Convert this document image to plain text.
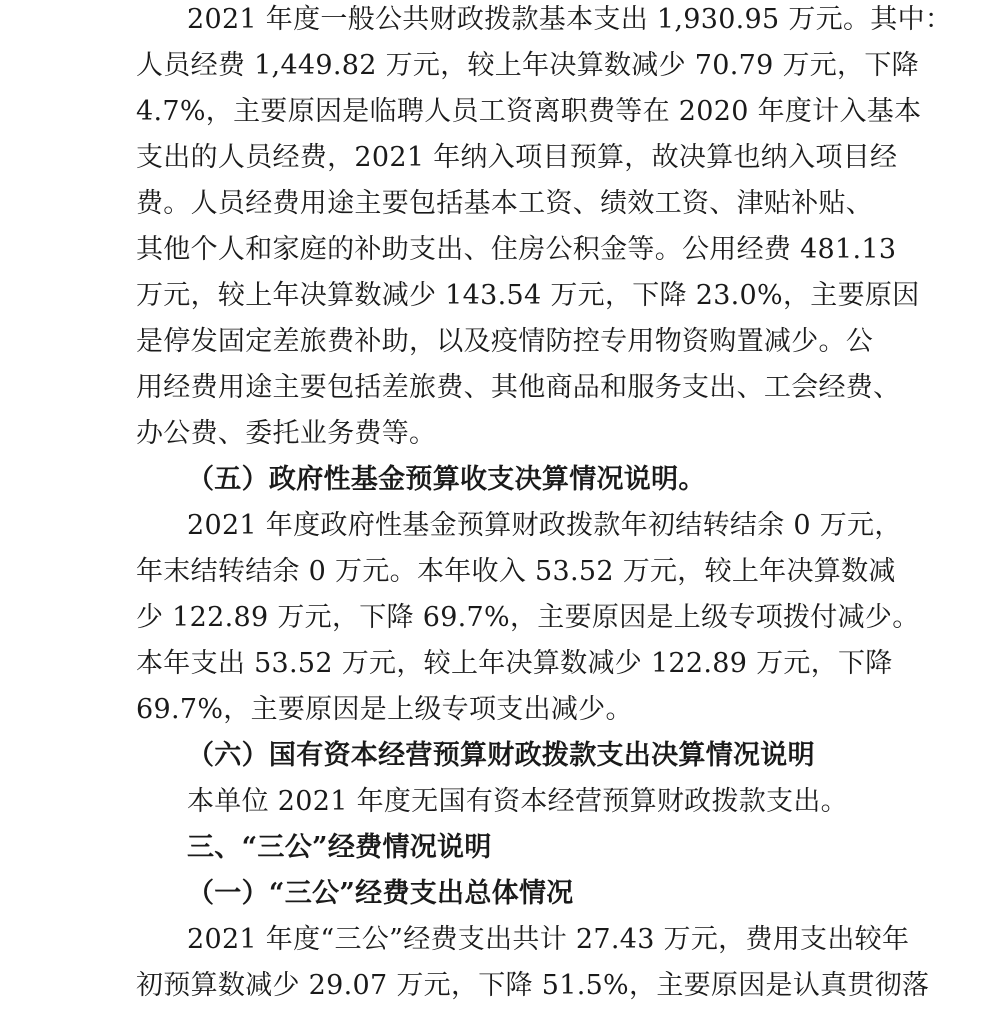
2021 年度一般公共财政拨款基本支出 1,930.95 万元。其中：
人员经费 1,449.82 万元，较上年决算数减少 70.79 万元，下降
4.7%，主要原因是临聘人员工资离职费等在 2020 年度计入基本
支出的人员经费，2021 年纳入项目预算，故决算也纳入项目经
费。人员经费用途主要包括基本工资、绩效工资、津贴补贴、
其他个人和家庭的补助支出、住房公积金等。公用经费 481.13
万元，较上年决算数减少 143.54 万元，下降 23.0%，主要原因
是停发固定差旅费补助，以及疫情防控专用物资购置减少。公
用经费用途主要包括差旅费、其他商品和服务支出、工会经费、
办公费、委托业务费等。
（五）政府性基金预算收支决算情况说明。
2021 年度政府性基金预算财政拨款年初结转结余 0 万元，
年末结转结余 0 万元。本年收入 53.52 万元，较上年决算数减
少 122.89 万元，下降 69.7%，主要原因是上级专项拨付减少。
本年支出 53.52 万元，较上年决算数减少 122.89 万元，下降
69.7%，主要原因是上级专项支出减少。
（六）国有资本经营预算财政拨款支出决算情况说明
本单位 2021 年度无国有资本经营预算财政拨款支出。
三、“三公”经费情况说明
（一）“三公”经费支出总体情况
2021 年度“三公”经费支出共计 27.43 万元，费用支出较年
初预算数减少 29.07 万元，下降 51.5%，主要原因是认真贯彻落
